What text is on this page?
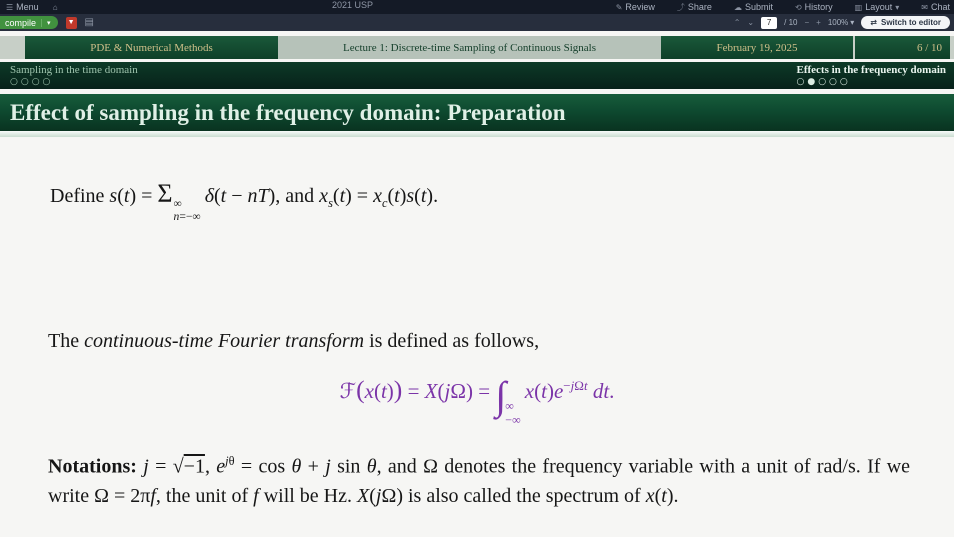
☰ Menu ⌂	2021 USP	✎ Review	⤴ Share	☁ Submit	⟲ History	▥ Layout ▾	✉ Chat
compile	▾ ▼ ▤	⌃ ⌄	7	/ 10 − + 100% ▾ ⇄ Switch to editor
PDE & Numerical Methods	Lecture 1: Discrete-time Sampling of Continuous Signals	February 19, 2025	6 / 10
Sampling in the time domain
○○○○
Effects in the frequency domain
○●○○○
Effect of sampling in the frequency domain: Preparation

Define s(t) = Σ ∞
n=−∞
δ(t − nT), and $x_s(t) = x_c(t)s(t)$.

The continuous-time Fourier transform is defined as follows,

ℱ(x(t)) = X(jΩ) = ∫ ∞
−∞
$x(t)e^{-j\Omega t}$ dt.

Notations: j = √−1, $e^{j\theta} = \cos \theta + j$ sin θ, and Ω denotes the frequency variable with a unit of rad/s. If we write Ω = 2πf, the unit of f will be Hz. X(jΩ) is also called the spectrum of x(t).
